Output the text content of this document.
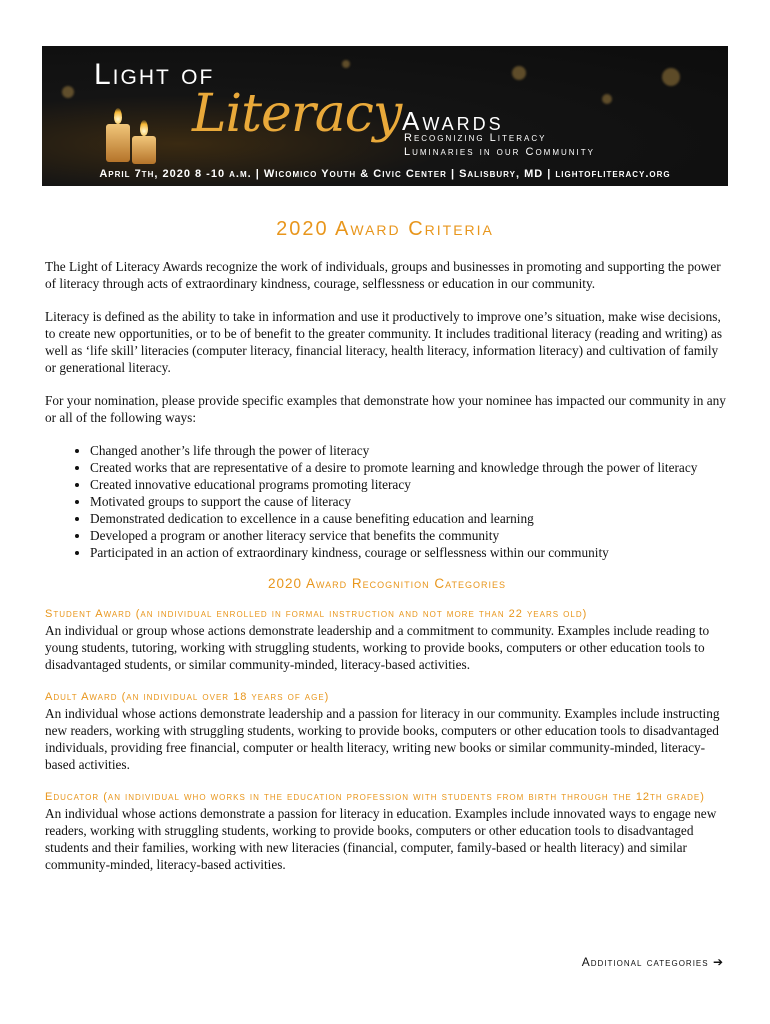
Light of
Literacy Awards
Recognizing Literacy
Luminaries in our Community
April 7th, 2020 8 -10 a.m. | Wicomico Youth & Civic Center | Salisbury, MD | lightofliteracy.org
2020 Award Criteria

The Light of Literacy Awards recognize the work of individuals, groups and businesses in promoting and supporting the power of literacy through acts of extraordinary kindness, courage, selflessness or education in our community.

Literacy is defined as the ability to take in information and use it productively to improve one’s situation, make wise decisions, to create new opportunities, or to be of benefit to the greater community. It includes traditional literacy (reading and writing) as well as ‘life skill’ literacies (computer literacy, financial literacy, health literacy, information literacy) and cultivation of family or generational literacy.

For your nomination, please provide specific examples that demonstrate how your nominee has impacted our community in any or all of the following ways:

• Changed another’s life through the power of literacy
• Created works that are representative of a desire to promote learning and knowledge through the power of literacy
• Created innovative educational programs promoting literacy
• Motivated groups to support the cause of literacy
• Demonstrated dedication to excellence in a cause benefiting education and learning
• Developed a program or another literacy service that benefits the community
• Participated in an action of extraordinary kindness, courage or selflessness within our community
2020 Award Recognition Categories
Student Award (an individual enrolled in formal instruction and not more than 22 years old)

An individual or group whose actions demonstrate leadership and a commitment to community. Examples include reading to young students, tutoring, working with struggling students, working to provide books, computers or other education tools to disadvantaged students, or similar community-minded, literacy-based activities.

Adult Award (an individual over 18 years of age)

An individual whose actions demonstrate leadership and a passion for literacy in our community. Examples include instructing new readers, working with struggling students, working to provide books, computers or other education tools to disadvantaged individuals, providing free financial, computer or health literacy, writing new books or similar community-minded, literacy-based activities.

Educator (an individual who works in the education profession with students from birth through the 12th grade)

An individual whose actions demonstrate a passion for literacy in education. Examples include innovated ways to engage new readers, working with struggling students, working to provide books, computers or other education tools to disadvantaged students and their families, working with new literacies (financial, computer, family-based or health literacy) and similar community-minded, literacy-based activities.

Additional categories ➔
